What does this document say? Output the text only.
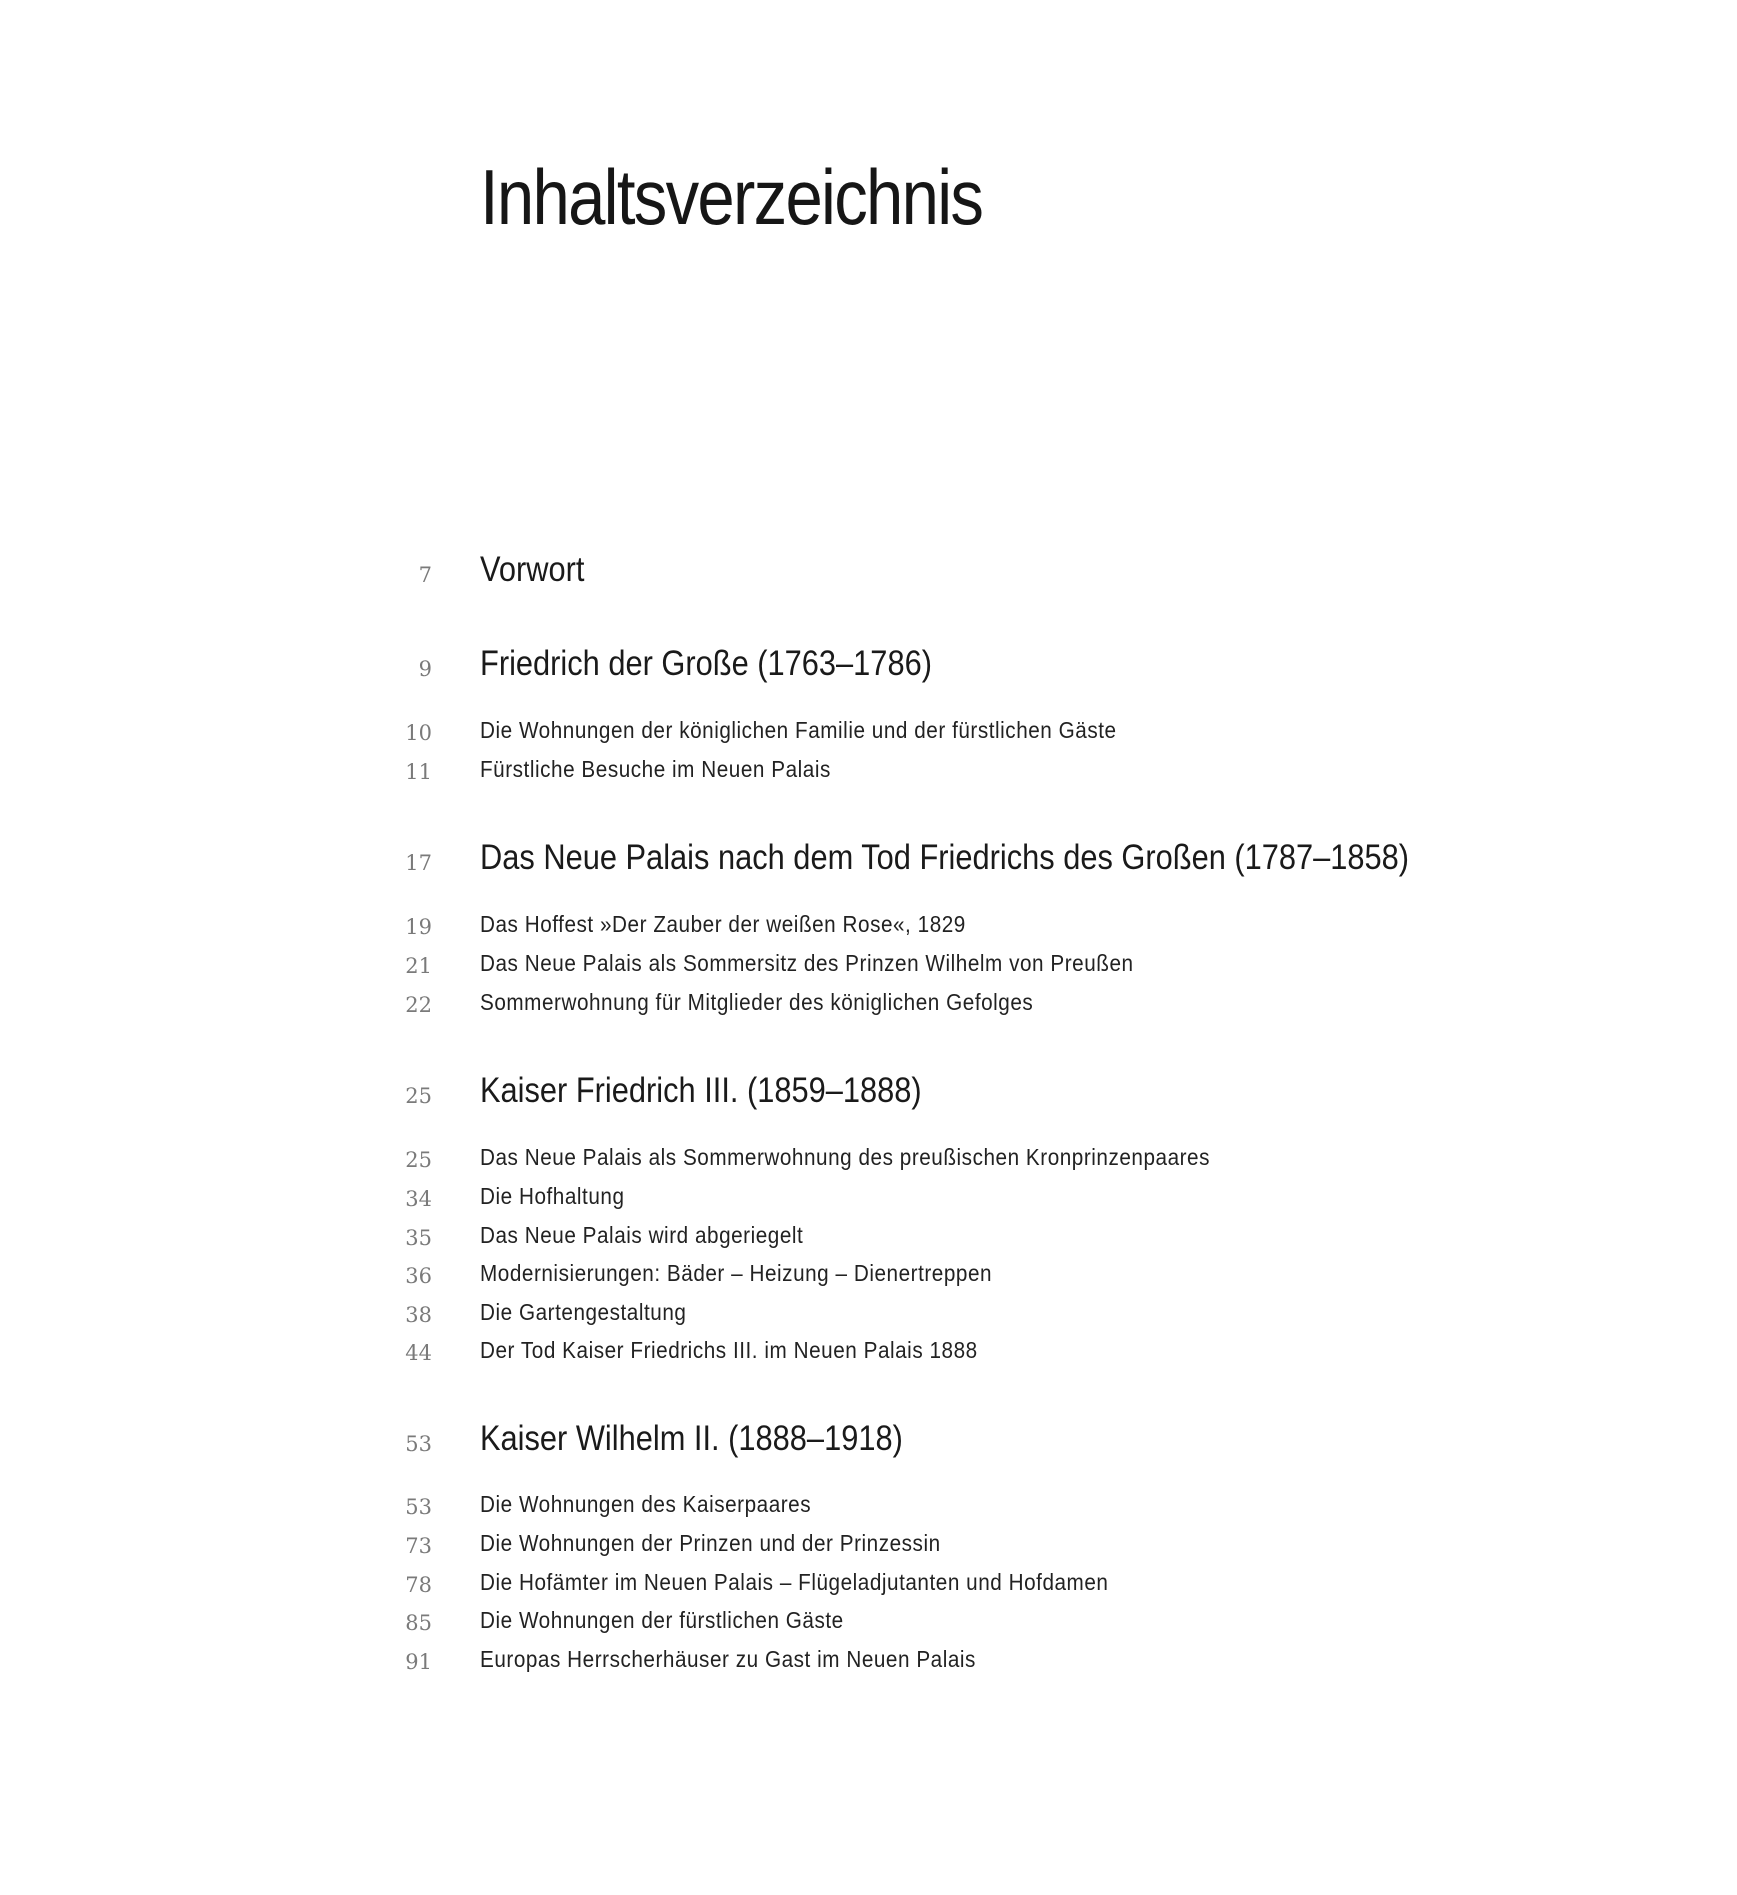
Inhaltsverzeichnis
7 Vorwort
9 Friedrich der Große (1763–1786)
10 Die Wohnungen der königlichen Familie und der fürstlichen Gäste
11 Fürstliche Besuche im Neuen Palais
17 Das Neue Palais nach dem Tod Friedrichs des Großen (1787–1858)
19 Das Hoffest »Der Zauber der weißen Rose«, 1829
21 Das Neue Palais als Sommersitz des Prinzen Wilhelm von Preußen
22 Sommerwohnung für Mitglieder des königlichen Gefolges
25 Kaiser Friedrich III. (1859–1888)
25 Das Neue Palais als Sommerwohnung des preußischen Kronprinzenpaares
34 Die Hofhaltung
35 Das Neue Palais wird abgeriegelt
36 Modernisierungen: Bäder – Heizung – Dienertreppen
38 Die Gartengestaltung
44 Der Tod Kaiser Friedrichs III. im Neuen Palais 1888
53 Kaiser Wilhelm II. (1888–1918)
53 Die Wohnungen des Kaiserpaares
73 Die Wohnungen der Prinzen und der Prinzessin
78 Die Hofämter im Neuen Palais – Flügeladjutanten und Hofdamen
85 Die Wohnungen der fürstlichen Gäste
91 Europas Herrscherhäuser zu Gast im Neuen Palais
